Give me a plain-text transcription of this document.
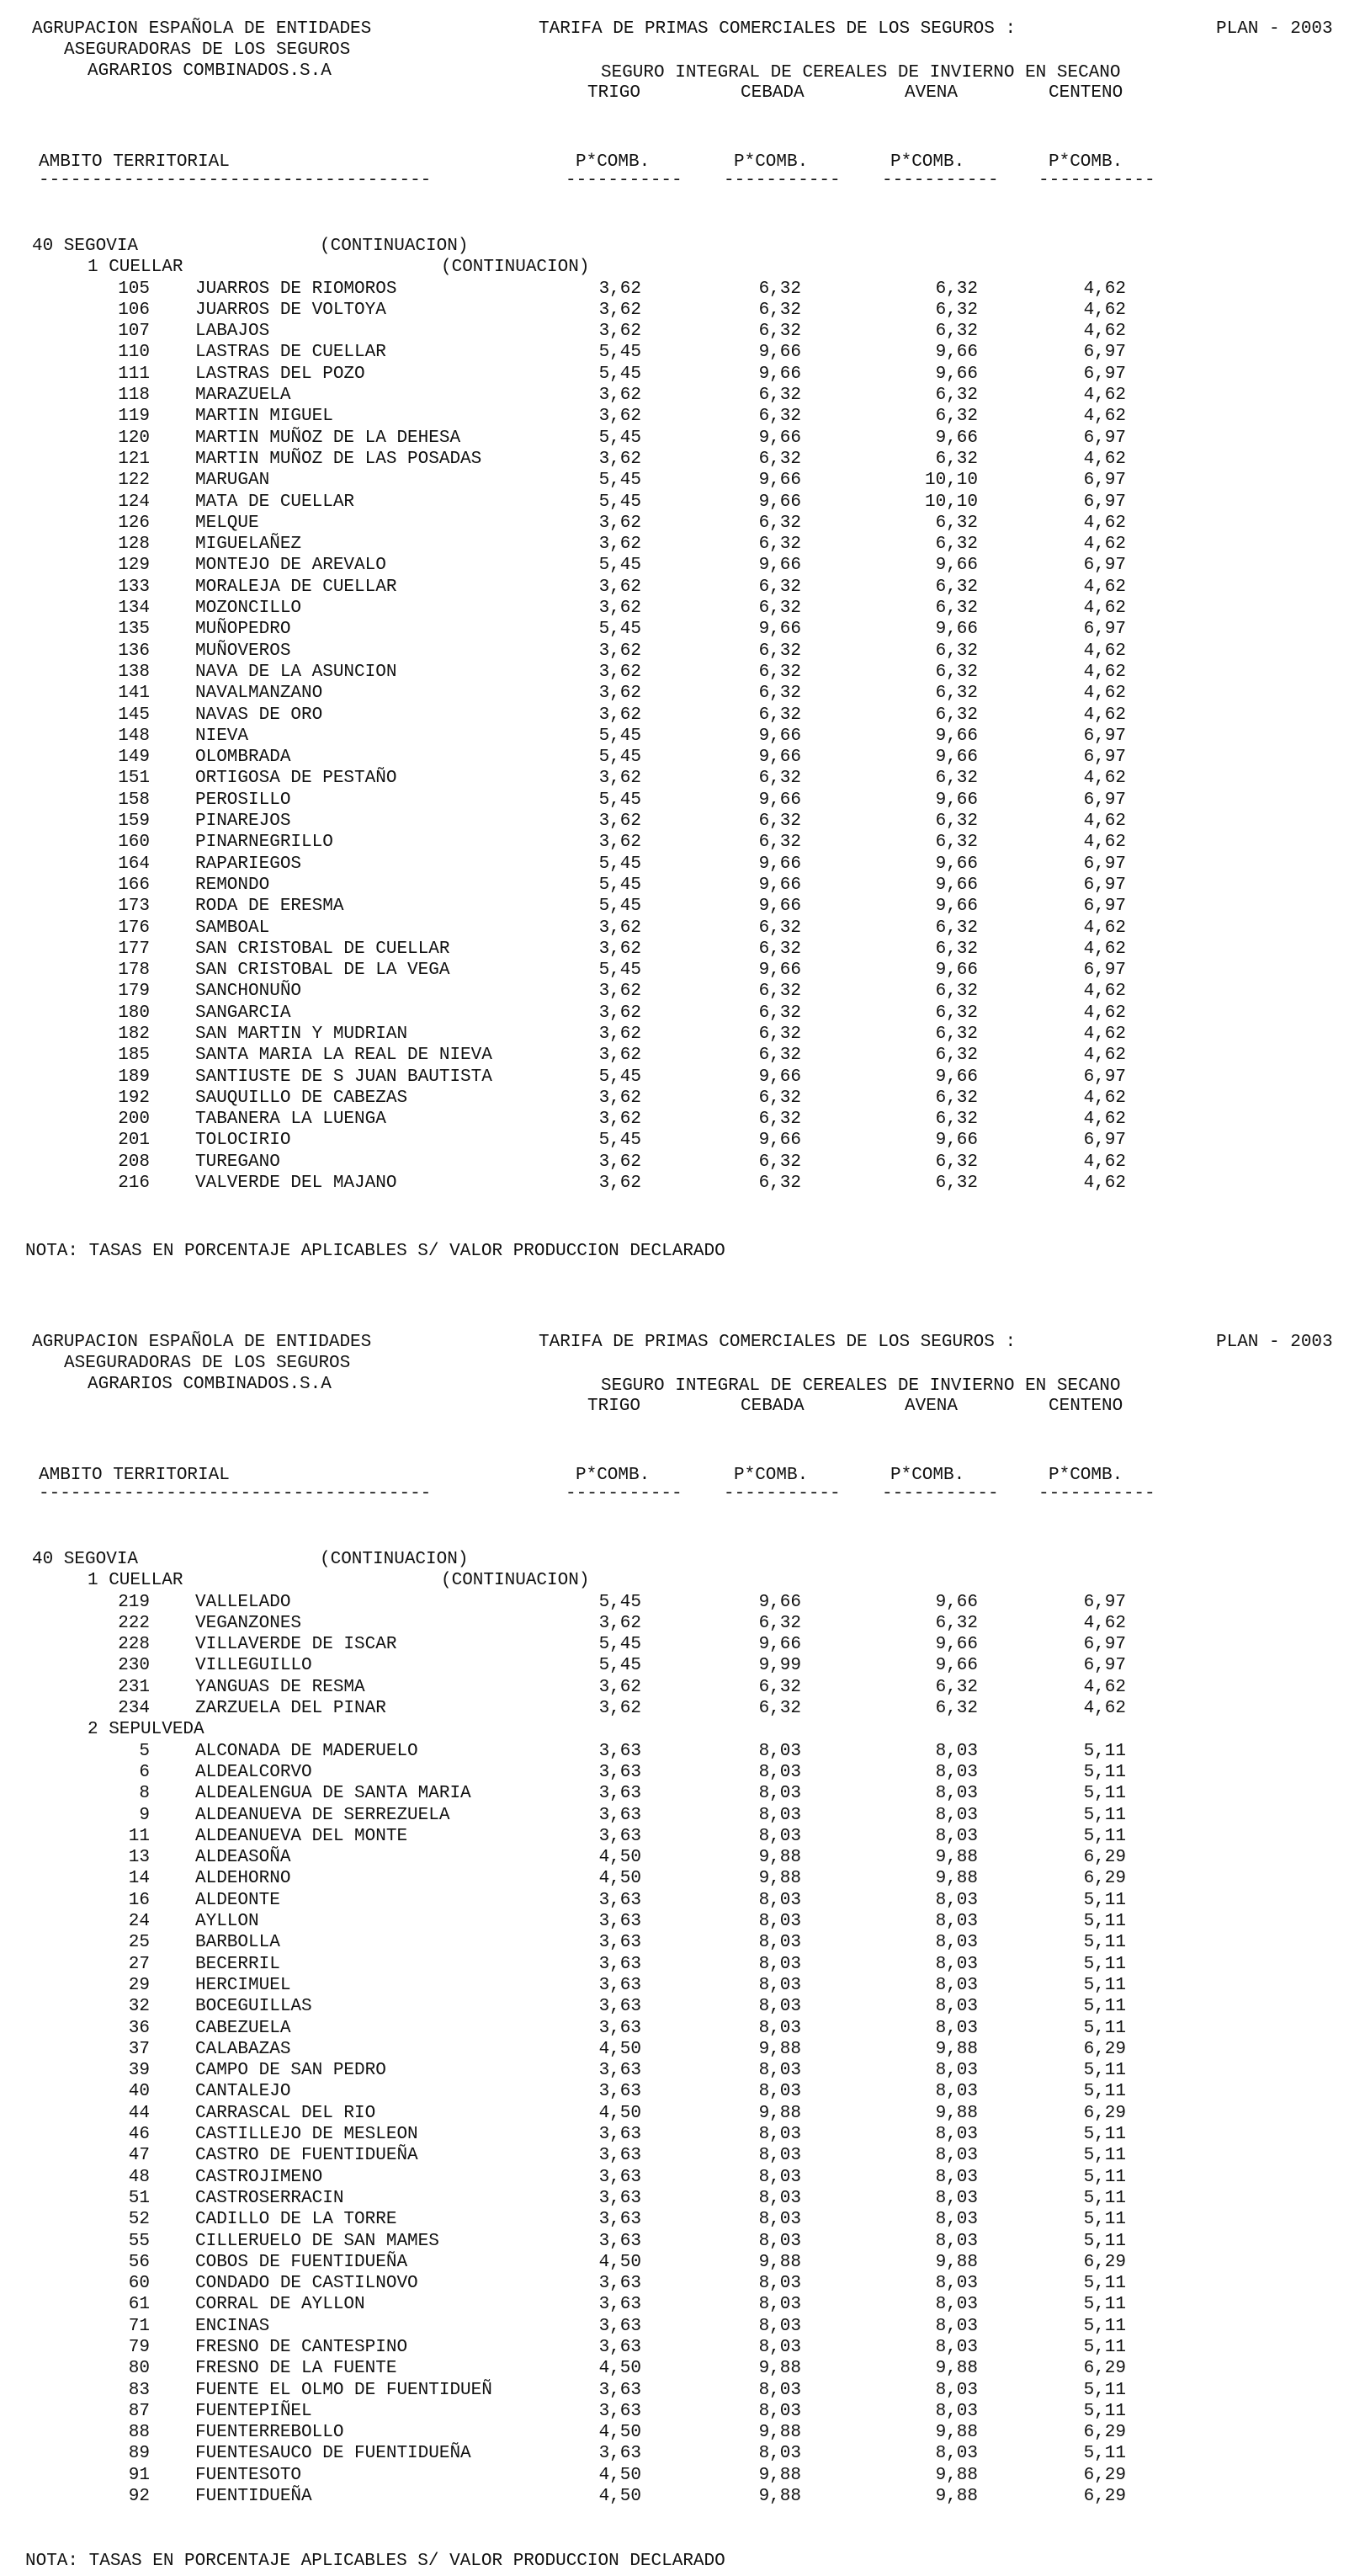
AGRUPACION ESPAÑOLA DE ENTIDADES
ASEGURADORAS DE LOS SEGUROS
AGRARIOS COMBINADOS.S.A
TARIFA DE PRIMAS COMERCIALES DE LOS SEGUROS :	PLAN - 2003
SEGURO INTEGRAL DE CEREALES DE INVIERNO EN SECANO
TRIGO	CEBADA	AVENA	CENTENO
AMBITO TERRITORIAL	P*COMB.	P*COMB.	P*COMB.	P*COMB.
-------------------------------------	----------- ----------- ----------- -----------
40 SEGOVIA	(CONTINUACION)
1 CUELLAR	(CONTINUACION)
105	JUARROS DE RIOMOROS	3,62	6,32	6,32	4,62
106	JUARROS DE VOLTOYA	3,62	6,32	6,32	4,62
107	LABAJOS	3,62	6,32	6,32	4,62
110	LASTRAS DE CUELLAR	5,45	9,66	9,66	6,97
111	LASTRAS DEL POZO	5,45	9,66	9,66	6,97
118	MARAZUELA	3,62	6,32	6,32	4,62
119	MARTIN MIGUEL	3,62	6,32	6,32	4,62
120	MARTIN MUÑOZ DE LA DEHESA	5,45	9,66	9,66	6,97
121	MARTIN MUÑOZ DE LAS POSADAS	3,62	6,32	6,32	4,62
122	MARUGAN	5,45	9,66	10,10	6,97
124	MATA DE CUELLAR	5,45	9,66	10,10	6,97
126	MELQUE	3,62	6,32	6,32	4,62
128	MIGUELAÑEZ	3,62	6,32	6,32	4,62
129	MONTEJO DE AREVALO	5,45	9,66	9,66	6,97
133	MORALEJA DE CUELLAR	3,62	6,32	6,32	4,62
134	MOZONCILLO	3,62	6,32	6,32	4,62
135	MUÑOPEDRO	5,45	9,66	9,66	6,97
136	MUÑOVEROS	3,62	6,32	6,32	4,62
138	NAVA DE LA ASUNCION	3,62	6,32	6,32	4,62
141	NAVALMANZANO	3,62	6,32	6,32	4,62
145	NAVAS DE ORO	3,62	6,32	6,32	4,62
148	NIEVA	5,45	9,66	9,66	6,97
149	OLOMBRADA	5,45	9,66	9,66	6,97
151	ORTIGOSA DE PESTAÑO	3,62	6,32	6,32	4,62
158	PEROSILLO	5,45	9,66	9,66	6,97
159	PINAREJOS	3,62	6,32	6,32	4,62
160	PINARNEGRILLO	3,62	6,32	6,32	4,62
164	RAPARIEGOS	5,45	9,66	9,66	6,97
166	REMONDO	5,45	9,66	9,66	6,97
173	RODA DE ERESMA	5,45	9,66	9,66	6,97
176	SAMBOAL	3,62	6,32	6,32	4,62
177	SAN CRISTOBAL DE CUELLAR	3,62	6,32	6,32	4,62
178	SAN CRISTOBAL DE LA VEGA	5,45	9,66	9,66	6,97
179	SANCHONUÑO	3,62	6,32	6,32	4,62
180	SANGARCIA	3,62	6,32	6,32	4,62
182	SAN MARTIN Y MUDRIAN	3,62	6,32	6,32	4,62
185	SANTA MARIA LA REAL DE NIEVA	3,62	6,32	6,32	4,62
189	SANTIUSTE DE S JUAN BAUTISTA	5,45	9,66	9,66	6,97
192	SAUQUILLO DE CABEZAS	3,62	6,32	6,32	4,62
200	TABANERA LA LUENGA	3,62	6,32	6,32	4,62
201	TOLOCIRIO	5,45	9,66	9,66	6,97
208	TUREGANO	3,62	6,32	6,32	4,62
216	VALVERDE DEL MAJANO	3,62	6,32	6,32	4,62
NOTA: TASAS EN PORCENTAJE APLICABLES S/ VALOR PRODUCCION DECLARADO
AGRUPACION ESPAÑOLA DE ENTIDADES
ASEGURADORAS DE LOS SEGUROS
AGRARIOS COMBINADOS.S.A
TARIFA DE PRIMAS COMERCIALES DE LOS SEGUROS :	PLAN - 2003
SEGURO INTEGRAL DE CEREALES DE INVIERNO EN SECANO
TRIGO	CEBADA	AVENA	CENTENO
AMBITO TERRITORIAL	P*COMB.	P*COMB.	P*COMB.	P*COMB.
-------------------------------------	----------- ----------- ----------- -----------
40 SEGOVIA	(CONTINUACION)
1 CUELLAR	(CONTINUACION)
219	VALLELADO	5,45	9,66	9,66	6,97
222	VEGANZONES	3,62	6,32	6,32	4,62
228	VILLAVERDE DE ISCAR	5,45	9,66	9,66	6,97
230	VILLEGUILLO	5,45	9,99	9,66	6,97
231	YANGUAS DE RESMA	3,62	6,32	6,32	4,62
234	ZARZUELA DEL PINAR	3,62	6,32	6,32	4,62
2 SEPULVEDA
5	ALCONADA DE MADERUELO	3,63	8,03	8,03	5,11
6	ALDEALCORVO	3,63	8,03	8,03	5,11
8	ALDEALENGUA DE SANTA MARIA	3,63	8,03	8,03	5,11
9	ALDEANUEVA DE SERREZUELA	3,63	8,03	8,03	5,11
11	ALDEANUEVA DEL MONTE	3,63	8,03	8,03	5,11
13	ALDEASOÑA	4,50	9,88	9,88	6,29
14	ALDEHORNO	4,50	9,88	9,88	6,29
16	ALDEONTE	3,63	8,03	8,03	5,11
24	AYLLON	3,63	8,03	8,03	5,11
25	BARBOLLA	3,63	8,03	8,03	5,11
27	BECERRIL	3,63	8,03	8,03	5,11
29	HERCIMUEL	3,63	8,03	8,03	5,11
32	BOCEGUILLAS	3,63	8,03	8,03	5,11
36	CABEZUELA	3,63	8,03	8,03	5,11
37	CALABAZAS	4,50	9,88	9,88	6,29
39	CAMPO DE SAN PEDRO	3,63	8,03	8,03	5,11
40	CANTALEJO	3,63	8,03	8,03	5,11
44	CARRASCAL DEL RIO	4,50	9,88	9,88	6,29
46	CASTILLEJO DE MESLEON	3,63	8,03	8,03	5,11
47	CASTRO DE FUENTIDUEÑA	3,63	8,03	8,03	5,11
48	CASTROJIMENO	3,63	8,03	8,03	5,11
51	CASTROSERRACIN	3,63	8,03	8,03	5,11
52	CADILLO DE LA TORRE	3,63	8,03	8,03	5,11
55	CILLERUELO DE SAN MAMES	3,63	8,03	8,03	5,11
56	COBOS DE FUENTIDUEÑA	4,50	9,88	9,88	6,29
60	CONDADO DE CASTILNOVO	3,63	8,03	8,03	5,11
61	CORRAL DE AYLLON	3,63	8,03	8,03	5,11
71	ENCINAS	3,63	8,03	8,03	5,11
79	FRESNO DE CANTESPINO	3,63	8,03	8,03	5,11
80	FRESNO DE LA FUENTE	4,50	9,88	9,88	6,29
83	FUENTE EL OLMO DE FUENTIDUEÑ	3,63	8,03	8,03	5,11
87	FUENTEPIÑEL	3,63	8,03	8,03	5,11
88	FUENTERREBOLLO	4,50	9,88	9,88	6,29
89	FUENTESAUCO DE FUENTIDUEÑA	3,63	8,03	8,03	5,11
91	FUENTESOTO	4,50	9,88	9,88	6,29
92	FUENTIDUEÑA	4,50	9,88	9,88	6,29
NOTA: TASAS EN PORCENTAJE APLICABLES S/ VALOR PRODUCCION DECLARADO
